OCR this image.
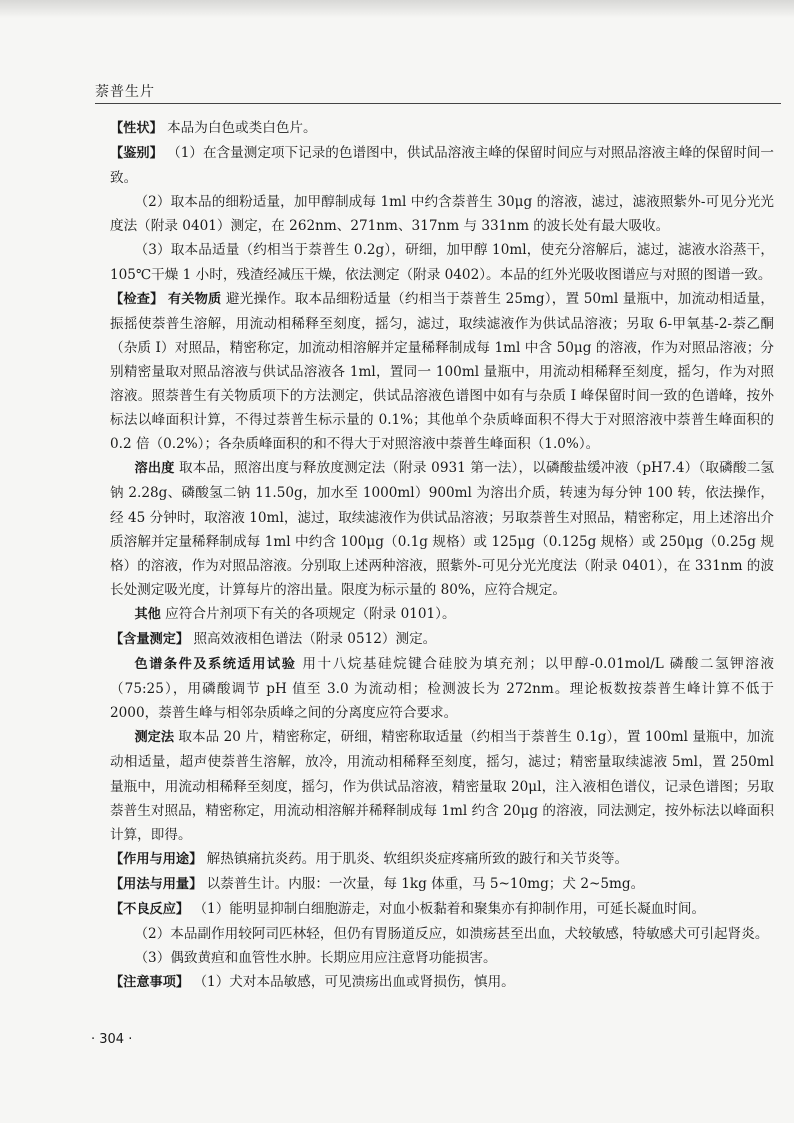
萘普生片

【性状】 本品为白色或类白色片。

【鉴别】 （1）在含量测定项下记录的色谱图中，供试品溶液主峰的保留时间应与对照品溶液主峰的保留时间一致。

（2）取本品的细粉适量，加甲醇制成每 1ml 中约含萘普生 30μg 的溶液，滤过，滤液照紫外-可见分光光度法（附录 0401）测定，在 262nm、271nm、317nm 与 331nm 的波长处有最大吸收。

（3）取本品适量（约相当于萘普生 0.2g），研细，加甲醇 10ml，使充分溶解后，滤过，滤液水浴蒸干，105℃干燥 1 小时，残渣经减压干燥，依法测定（附录 0402）。本品的红外光吸收图谱应与对照的图谱一致。

【检查】 有关物质 避光操作。取本品细粉适量（约相当于萘普生 25mg），置 50ml 量瓶中，加流动相适量，振摇使萘普生溶解，用流动相稀释至刻度，摇匀，滤过，取续滤液作为供试品溶液；另取 6-甲氧基-2-萘乙酮（杂质 I）对照品，精密称定，加流动相溶解并定量稀释制成每 1ml 中含 50μg 的溶液，作为对照品溶液；分别精密量取对照品溶液与供试品溶液各 1ml，置同一 100ml 量瓶中，用流动相稀释至刻度，摇匀，作为对照溶液。照萘普生有关物质项下的方法测定，供试品溶液色谱图中如有与杂质 I 峰保留时间一致的色谱峰，按外标法以峰面积计算，不得过萘普生标示量的 0.1%；其他单个杂质峰面积不得大于对照溶液中萘普生峰面积的 0.2 倍（0.2%）；各杂质峰面积的和不得大于对照溶液中萘普生峰面积（1.0%）。

溶出度 取本品，照溶出度与释放度测定法（附录 0931 第一法），以磷酸盐缓冲液（pH7.4）（取磷酸二氢钠 2.28g、磷酸氢二钠 11.50g，加水至 1000ml）900ml 为溶出介质，转速为每分钟 100 转，依法操作，经 45 分钟时，取溶液 10ml，滤过，取续滤液作为供试品溶液；另取萘普生对照品，精密称定，用上述溶出介质溶解并定量稀释制成每 1ml 中约含 100μg（0.1g 规格）或 125μg（0.125g 规格）或 250μg（0.25g 规格）的溶液，作为对照品溶液。分别取上述两种溶液，照紫外-可见分光光度法（附录 0401），在 331nm 的波长处测定吸光度，计算每片的溶出量。限度为标示量的 80%，应符合规定。

其他 应符合片剂项下有关的各项规定（附录 0101）。

【含量测定】 照高效液相色谱法（附录 0512）测定。

色谱条件及系统适用试验 用十八烷基硅烷键合硅胶为填充剂；以甲醇-0.01mol/L 磷酸二氢钾溶液（75:25），用磷酸调节 pH 值至 3.0 为流动相；检测波长为 272nm。理论板数按萘普生峰计算不低于 2000，萘普生峰与相邻杂质峰之间的分离度应符合要求。

测定法 取本品 20 片，精密称定，研细，精密称取适量（约相当于萘普生 0.1g），置 100ml 量瓶中，加流动相适量，超声使萘普生溶解，放冷，用流动相稀释至刻度，摇匀，滤过；精密量取续滤液 5ml，置 250ml 量瓶中，用流动相稀释至刻度，摇匀，作为供试品溶液，精密量取 20μl，注入液相色谱仪，记录色谱图；另取萘普生对照品，精密称定，用流动相溶解并稀释制成每 1ml 约含 20μg 的溶液，同法测定，按外标法以峰面积计算，即得。

【作用与用途】 解热镇痛抗炎药。用于肌炎、软组织炎症疼痛所致的跛行和关节炎等。

【用法与用量】 以萘普生计。内服：一次量，每 1kg 体重，马 5~10mg；犬 2~5mg。

【不良反应】 （1）能明显抑制白细胞游走，对血小板黏着和聚集亦有抑制作用，可延长凝血时间。

（2）本品副作用较阿司匹林轻，但仍有胃肠道反应，如溃疡甚至出血，犬较敏感，特敏感犬可引起肾炎。

（3）偶致黄疸和血管性水肿。长期应用应注意肾功能损害。

【注意事项】 （1）犬对本品敏感，可见溃疡出血或肾损伤，慎用。

· 304 ·
